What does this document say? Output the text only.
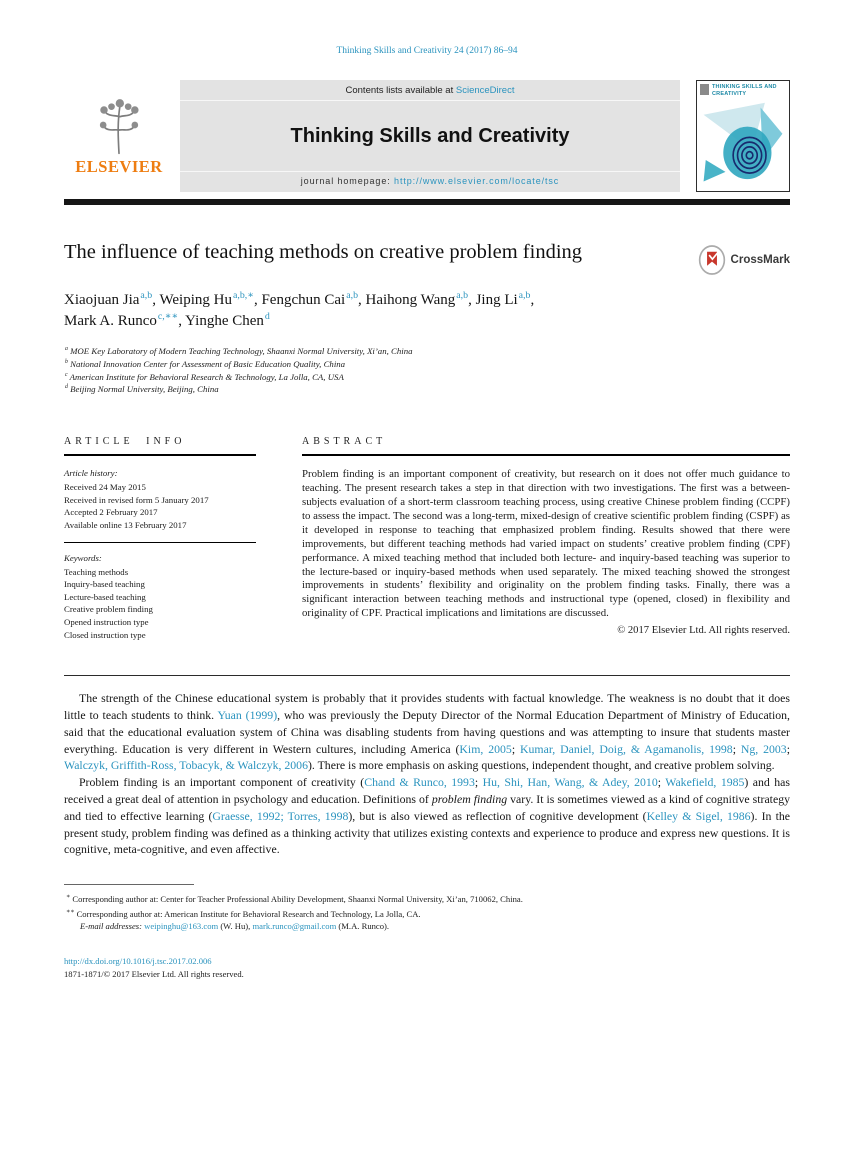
Thinking Skills and Creativity 24 (2017) 86–94
ELSEVIER
Contents lists available at ScienceDirect
Thinking Skills and Creativity
journal homepage: http://www.elsevier.com/locate/tsc
THINKING SKILLS AND CREATIVITY
The influence of teaching methods on creative problem finding	CrossMark
Xiaojuan Jia$^{a,b}$, Weiping $Hu^{a,b,∗}$, Fengchun Cai$^{a,b}$, Haihong Wang$^{a,b}$, Jing Li$^{a,b}$,
Mark A. Runco$^{c,∗∗}$, Yinghe Chen$^d$
$^a$ MOE Key Laboratory of Modern Teaching Technology, Shaanxi Normal University, Xi’an, China
$^b$ National Innovation Center for Assessment of Basic Education Quality, China
$^c$ American Institute for Behavioral Research & Technology, La Jolla, CA, USA
$^d$ Beijing Normal University, Beijing, China
ARTICLE INFO
Article history:
Received 24 May 2015
Received in revised form 5 January 2017
Accepted 2 February 2017
Available online 13 February 2017
Keywords:
Teaching methods
Inquiry-based teaching
Lecture-based teaching
Creative problem finding
Opened instruction type
Closed instruction type
ABSTRACT

Problem finding is an important component of creativity, but research on it does not offer much guidance to teaching. The present research takes a step in that direction with two investigations. The first was a between-subjects evaluation of a short-term classroom teaching process, using creative Chinese problem finding (CCPF) to assess the impact. The second was a long-term, mixed-design of creative scientific problem finding (CSPF) as it developed in response to teaching that emphasized problem finding. Results showed that there were improvements, but different teaching methods had varied impact on students’ creative problem finding (CPF) performance. A mixed teaching method that included both lecture- and inquiry-based teaching was superior to the lecture-based or inquiry-based methods when used separately. The mixed teaching showed the strongest improvements in students’ flexibility and originality on the problem finding tasks. Finally, there was a significant interaction between teaching methods and instructional type (opened, closed) in flexibility and originality of CPF. Practical implications and limitations are discussed.

© 2017 Elsevier Ltd. All rights reserved.

The strength of the Chinese educational system is probably that it provides students with factual knowledge. The weakness is no doubt that it does little to teach students to think. Yuan (1999), who was previously the Deputy Director of the Normal Education Department of Ministry of Education, said that the educational evaluation system of China was disabling students from having questions and was attempting to insure that students master everything. Education is very different in Western cultures, including America (Kim, 2005; Kumar, Daniel, Doig, & Agamanolis, 1998; Ng, 2003; Walczyk, Griffith-Ross, Tobacyk, & Walczyk, 2006). There is more emphasis on asking questions, independent thought, and creative problem solving.

Problem finding is an important component of creativity (Chand & Runco, 1993; Hu, Shi, Han, Wang, & Adey, 2010; Wakefield, 1985) and has received a great deal of attention in psychology and education. Definitions of problem finding vary. It is sometimes viewed as a kind of cognitive strategy and tied to effective learning (Graesse, 1992; Torres, 1998), but is also viewed as reflection of cognitive development (Kelley & Sigel, 1986). In the present study, problem finding was defined as a thinking activity that utilizes existing contexts and experience to produce and express new questions. It is cognitive, meta-cognitive, and even affective.

∗ Corresponding author at: Center for Teacher Professional Ability Development, Shaanxi Normal University, Xi’an, 710062, China.
∗∗ Corresponding author at: American Institute for Behavioral Research and Technology, La Jolla, CA.
E-mail addresses: weipinghu@163.com (W. Hu), mark.runco@gmail.com (M.A. Runco).
http://dx.doi.org/10.1016/j.tsc.2017.02.006
1871-1871/© 2017 Elsevier Ltd. All rights reserved.
